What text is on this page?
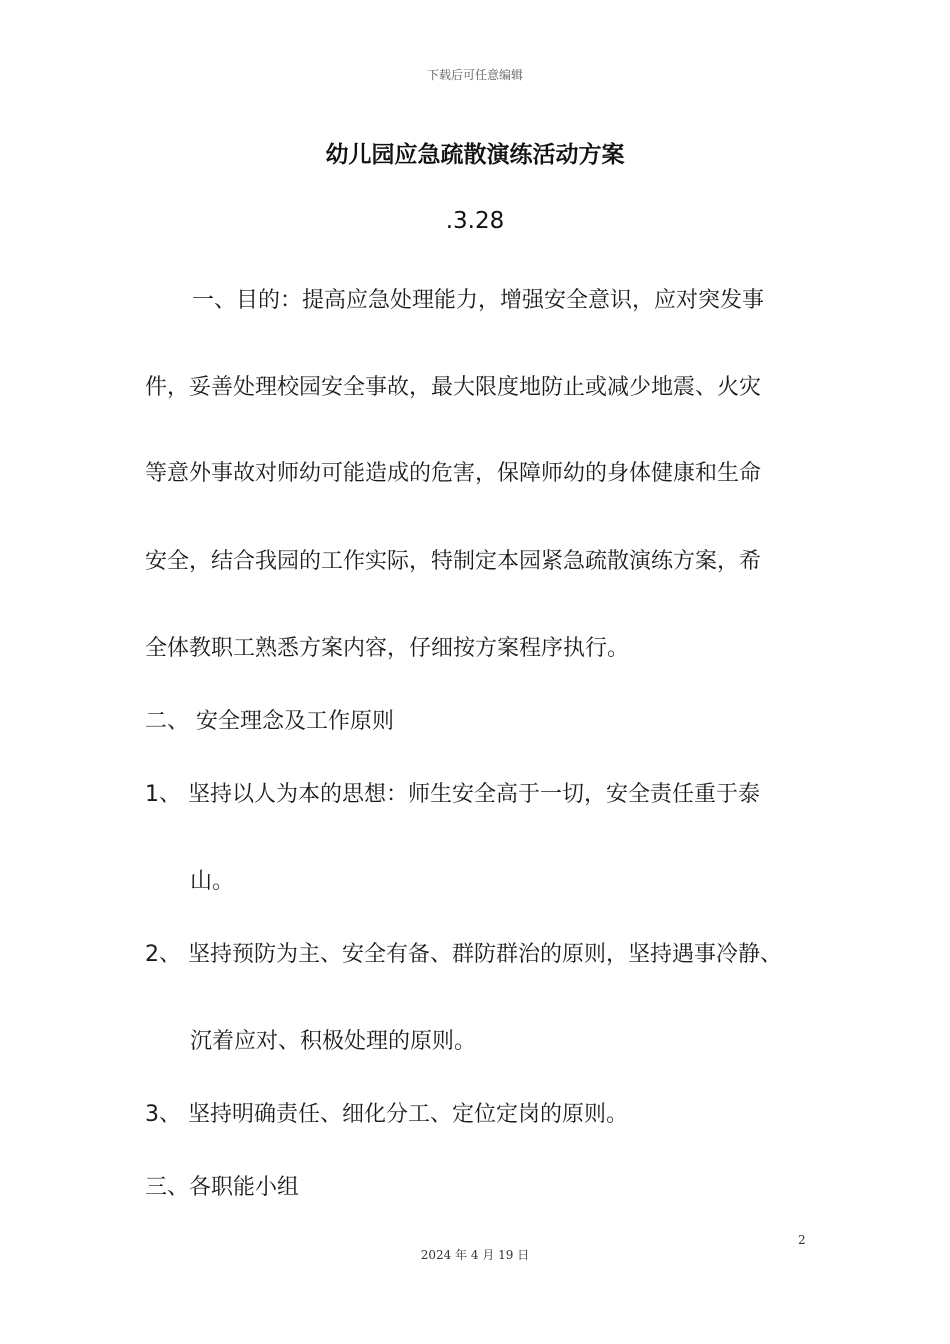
下载后可任意编辑
幼儿园应急疏散演练活动方案
.3.28
一、目的：提高应急处理能力，增强安全意识，应对突发事
件，妥善处理校园安全事故，最大限度地防止或减少地震、火灾
等意外事故对师幼可能造成的危害，保障师幼的身体健康和生命
安全，结合我园的工作实际，特制定本园紧急疏散演练方案，希
全体教职工熟悉方案内容，仔细按方案程序执行。
二、 安全理念及工作原则
1、 坚持以人为本的思想：师生安全高于一切，安全责任重于泰
山。
2、 坚持预防为主、安全有备、群防群治的原则，坚持遇事冷静、
沉着应对、积极处理的原则。
3、 坚持明确责任、细化分工、定位定岗的原则。
三、各职能小组
2
2024 年 4 月 19 日
